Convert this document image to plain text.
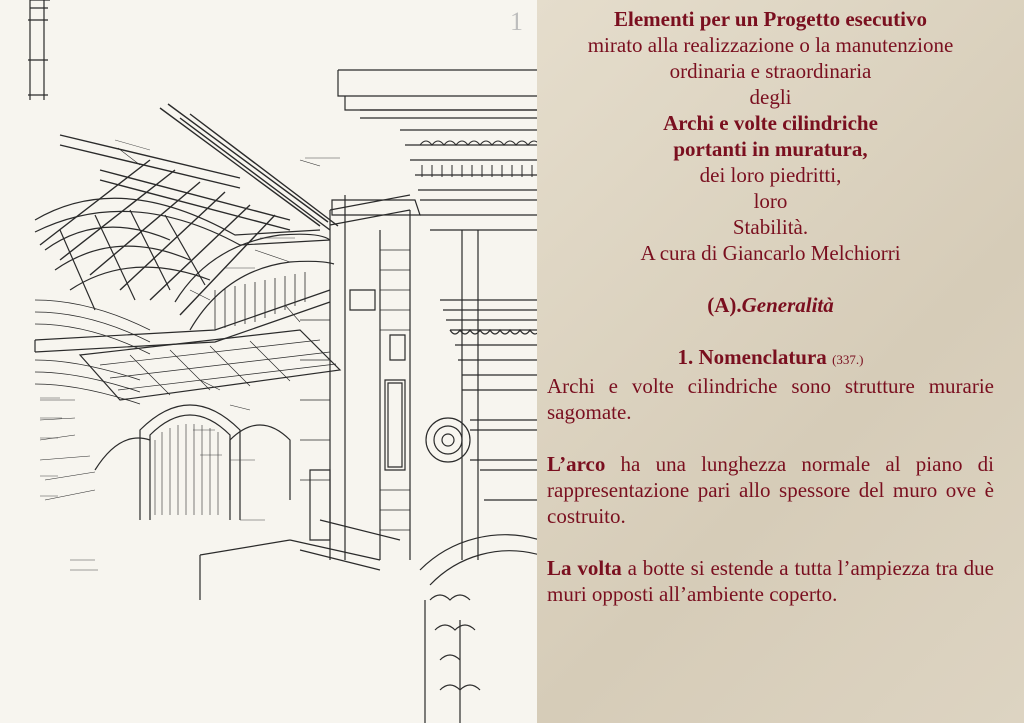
1	Elementi per un Progetto esecutivo

mirato alla realizzazione o la manutenzione

ordinaria e straordinaria

degli

Archi e volte cilindriche

portanti in muratura,

dei loro piedritti,

loro

Stabilità.

A cura di Giancarlo Melchiorri

(A).Generalità

1. Nomenclatura (337.)

Archi e volte cilindriche sono strutture murarie sagomate.

L’arco ha una lunghezza normale al piano di rappresentazione pari allo spessore del muro ove è costruito.

La volta a botte si estende a tutta l’ampiezza tra due muri opposti all’ambiente coperto.
